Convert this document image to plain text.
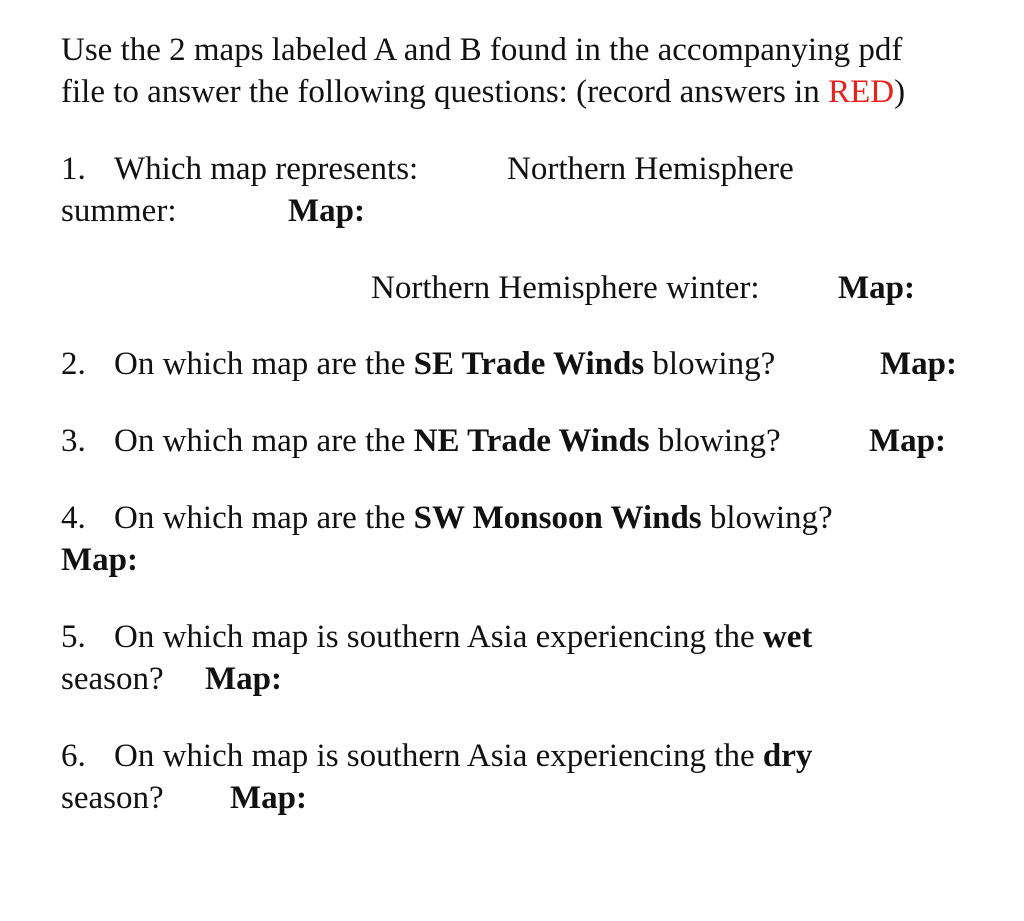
Use the 2 maps labeled A and B found in the accompanying pdf
file to answer the following questions: (record answers in RED)
1. Which map represents:	Northern Hemisphere
summer:	Map:
Northern Hemisphere winter: Map:
2. On which map are the SE Trade Winds blowing?	Map:
3. On which map are the NE Trade Winds blowing?	Map:
4. On which map are the SW Monsoon Winds blowing?
Map:
5. On which map is southern Asia experiencing the wet
season? Map:
6. On which map is southern Asia experiencing the dry
season? Map:
